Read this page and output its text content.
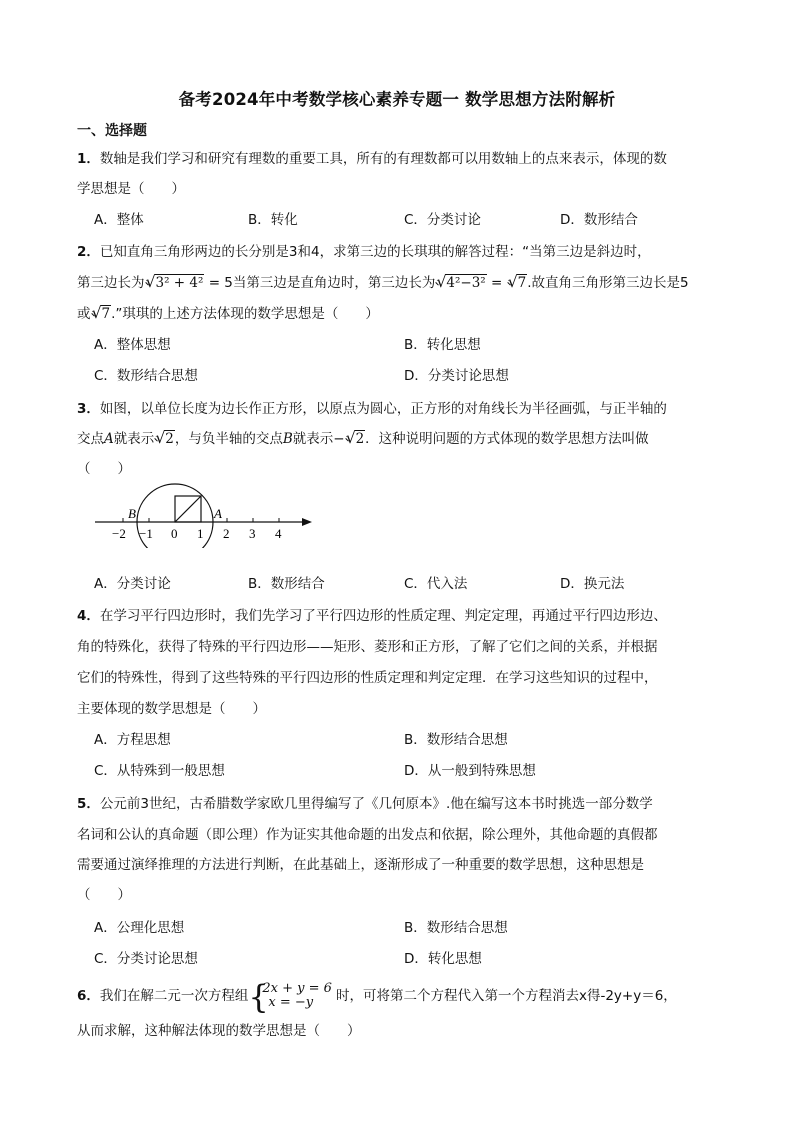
备考2024年中考数学核心素养专题一 数学思想方法附解析
一、选择题
1．数轴是我们学习和研究有理数的重要工具，所有的有理数都可以用数轴上的点来表示，体现的数
学思想是（　　）
A．整体	B．转化	C．分类讨论	D．数形结合
2．已知直角三角形两边的长分别是3和4，求第三边的长琪琪的解答过程：“当第三边是斜边时，
第三边长为 √ 3² + 4² = 5当第三边是直角边时，第三边长为 √ 4²−3² = √ 7.故直角三角形第三边长是5
或 √ 7.”琪琪的上述方法体现的数学思想是（　　）
A．整体思想	B．转化思想
C．数形结合思想	D．分类讨论思想
3．如图，以单位长度为边长作正方形，以原点为圆心，正方形的对角线长为半径画弧，与正半轴的
交点A就表示 √ 2，与负半轴的交点B就表示− √ 2．这种说明问题的方式体现的数学思想方法叫做
（　　）
B	A
−2 −1 0 1 2 3 4
A．分类讨论	B．数形结合	C．代入法	D．换元法
4．在学习平行四边形时，我们先学习了平行四边形的性质定理、判定定理，再通过平行四边形边、
角的特殊化，获得了特殊的平行四边形——矩形、菱形和正方形，了解了它们之间的关系，并根据
它们的特殊性，得到了这些特殊的平行四边形的性质定理和判定定理．在学习这些知识的过程中，
主要体现的数学思想是（　　）
A．方程思想	B．数形结合思想
C．从特殊到一般思想	D．从一般到特殊思想
5．公元前3世纪，古希腊数学家欧几里得编写了《几何原本》.他在编写这本书时挑选一部分数学
名词和公认的真命题（即公理）作为证实其他命题的出发点和依据，除公理外，其他命题的真假都
需要通过演绎推理的方法进行判断，在此基础上，逐渐形成了一种重要的数学思想，这种思想是
（　　）
A．公理化思想	B．数形结合思想
C．分类讨论思想	D．转化思想
6．我们在解二元一次方程组 {
2x + y = 6
x = −y 时，可将第二个方程代入第一个方程消去x得-2y+y＝6，
从而求解，这种解法体现的数学思想是（　　）
